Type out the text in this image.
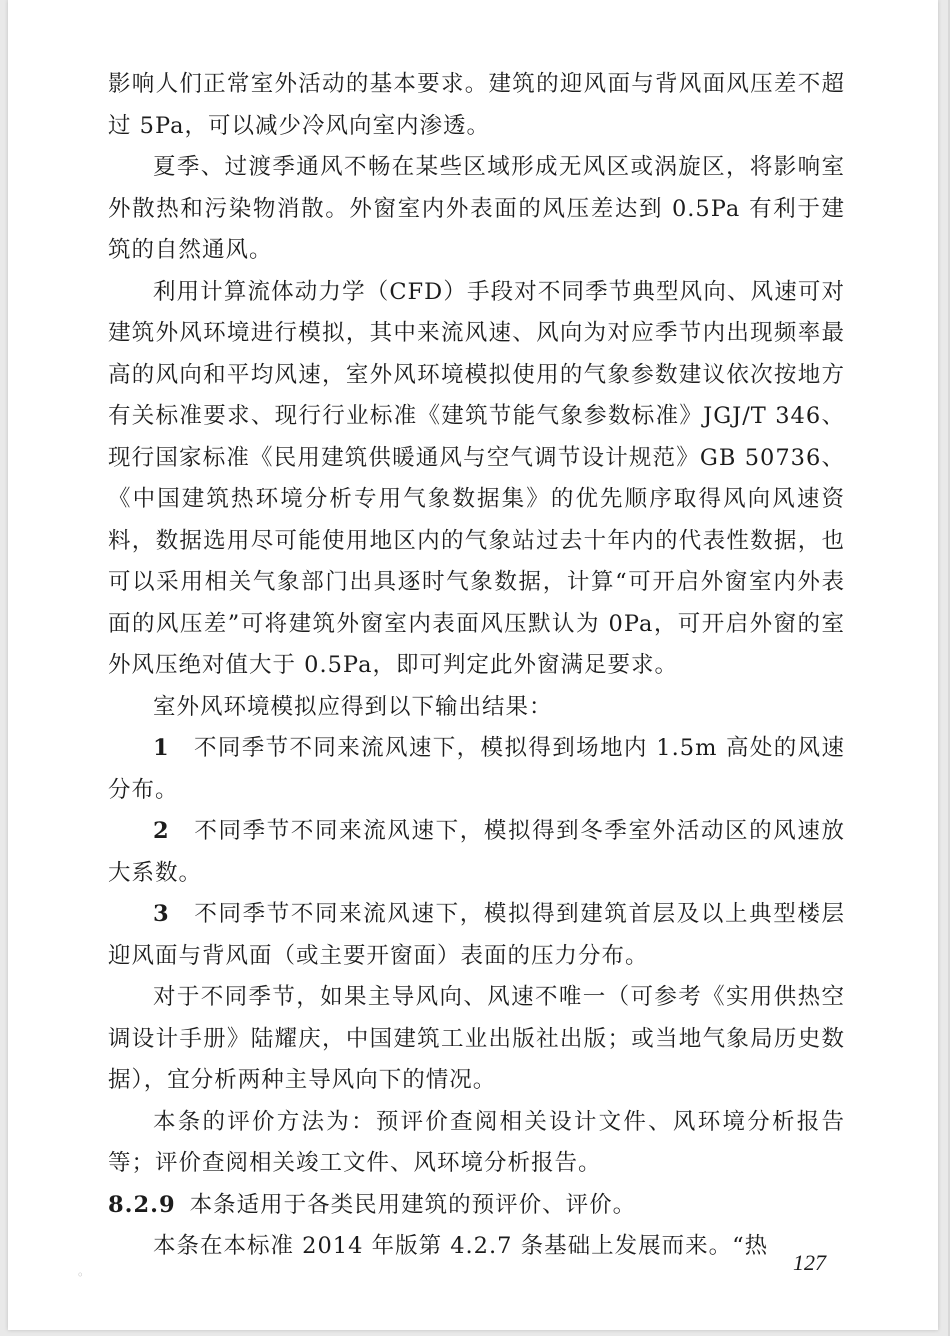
影响人们正常室外活动的基本要求。建筑的迎风面与背风面风压差不超过 5Pa，可以减少冷风向室内渗透。

夏季、过渡季通风不畅在某些区域形成无风区或涡旋区，将影响室外散热和污染物消散。外窗室内外表面的风压差达到 0.5Pa 有利于建筑的自然通风。

利用计算流体动力学（CFD）手段对不同季节典型风向、风速可对建筑外风环境进行模拟，其中来流风速、风向为对应季节内出现频率最高的风向和平均风速，室外风环境模拟使用的气象参数建议依次按地方有关标准要求、现行行业标准《建筑节能气象参数标准》JGJ/T 346、现行国家标准《民用建筑供暖通风与空气调节设计规范》GB 50736、《中国建筑热环境分析专用气象数据集》的优先顺序取得风向风速资料，数据选用尽可能使用地区内的气象站过去十年内的代表性数据，也可以采用相关气象部门出具逐时气象数据，计算“可开启外窗室内外表面的风压差”可将建筑外窗室内表面风压默认为 0Pa，可开启外窗的室外风压绝对值大于 0.5Pa，即可判定此外窗满足要求。

室外风环境模拟应得到以下输出结果：

1　 不同季节不同来流风速下，模拟得到场地内 1.5m 高处的风速分布。

2　 不同季节不同来流风速下，模拟得到冬季室外活动区的风速放大系数。

3　 不同季节不同来流风速下，模拟得到建筑首层及以上典型楼层迎风面与背风面（或主要开窗面）表面的压力分布。

对于不同季节，如果主导风向、风速不唯一（可参考《实用供热空调设计手册》陆耀庆，中国建筑工业出版社出版；或当地气象局历史数据），宜分析两种主导风向下的情况。

本条的评价方法为：预评价查阅相关设计文件、风环境分析报告等；评价查阅相关竣工文件、风环境分析报告。

8.2.9 本条适用于各类民用建筑的预评价、评价。

本条在本标准 2014 年版第 4.2.7 条基础上发展而来。“热

。	127
